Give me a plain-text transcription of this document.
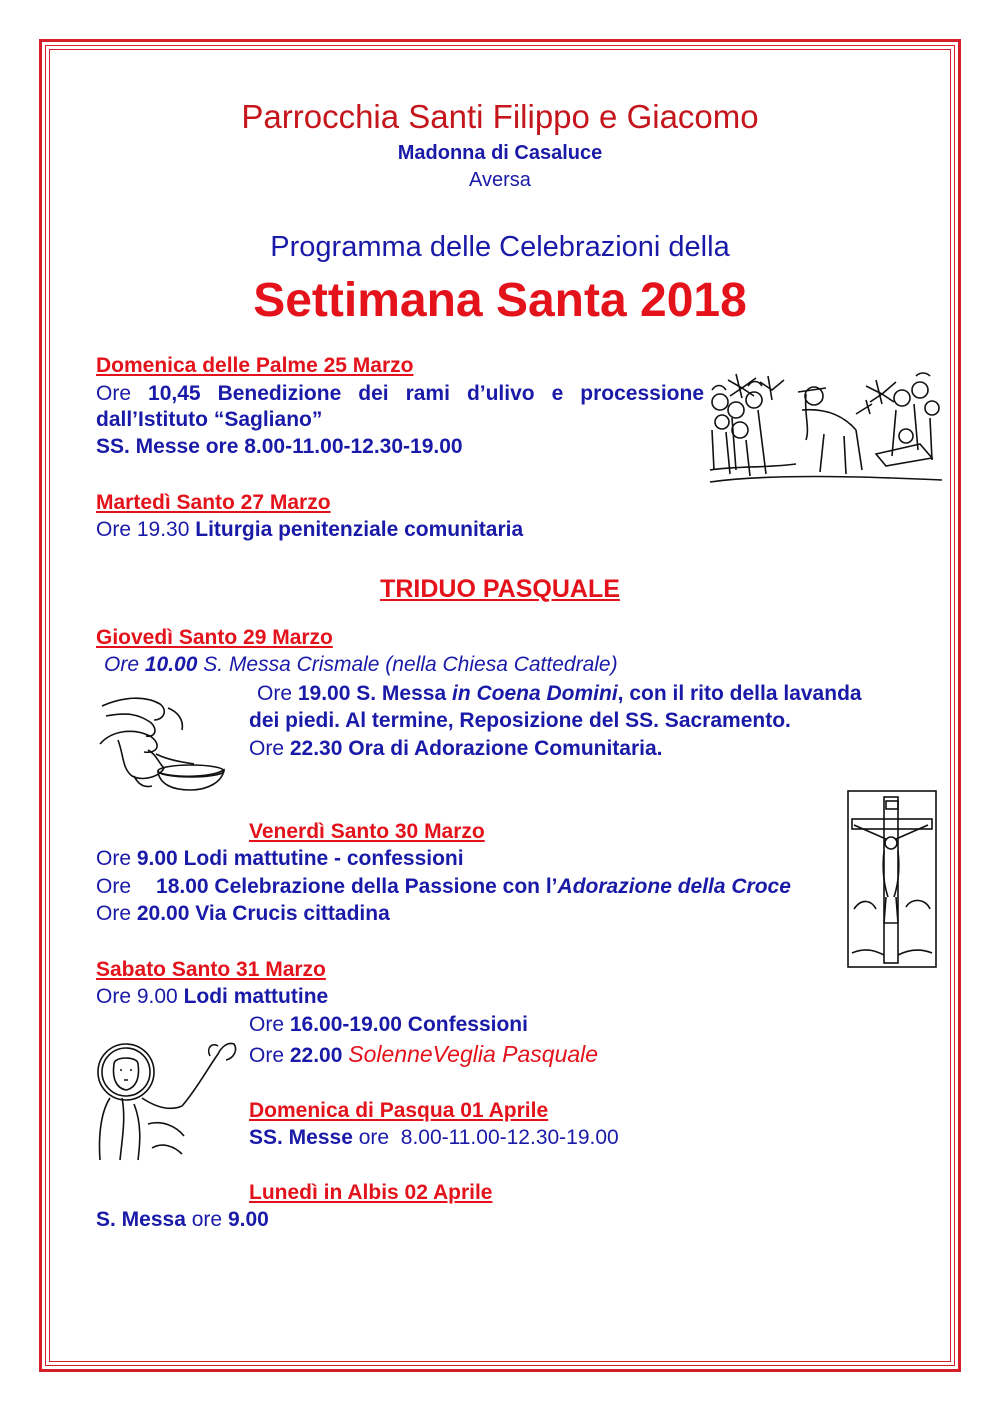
Parrocchia Santi Filippo e Giacomo
Madonna di Casaluce
Aversa
Programma delle Celebrazioni della
Settimana Santa 2018
Domenica delle Palme 25 Marzo
Ore 10,45 Benedizione dei rami d’ulivo e processione
dall’Istituto “Sagliano”
SS. Messe ore 8.00-11.00-12.30-19.00
Martedì Santo 27 Marzo
Ore 19.30 Liturgia penitenziale comunitaria
TRIDUO PASQUALE
Giovedì Santo 29 Marzo
Ore 10.00 S. Messa Crismale (nella Chiesa Cattedrale)
Ore 19.00 S. Messa in Coena Domini, con il rito della lavanda
dei piedi. Al termine, Reposizione del SS. Sacramento.
Ore 22.30 Ora di Adorazione Comunitaria.
Venerdì Santo 30 Marzo
Ore 9.00 Lodi mattutine - confessioni
Ore 18.00 Celebrazione della Passione con l’Adorazione della Croce
Ore 20.00 Via Crucis cittadina
Sabato Santo 31 Marzo
Ore 9.00 Lodi mattutine
Ore 16.00-19.00 Confessioni
Ore 22.00 SolenneVeglia Pasquale
Domenica di Pasqua 01 Aprile
SS. Messe ore  8.00-11.00-12.30-19.00
Lunedì in Albis 02 Aprile
S. Messa ore 9.00
